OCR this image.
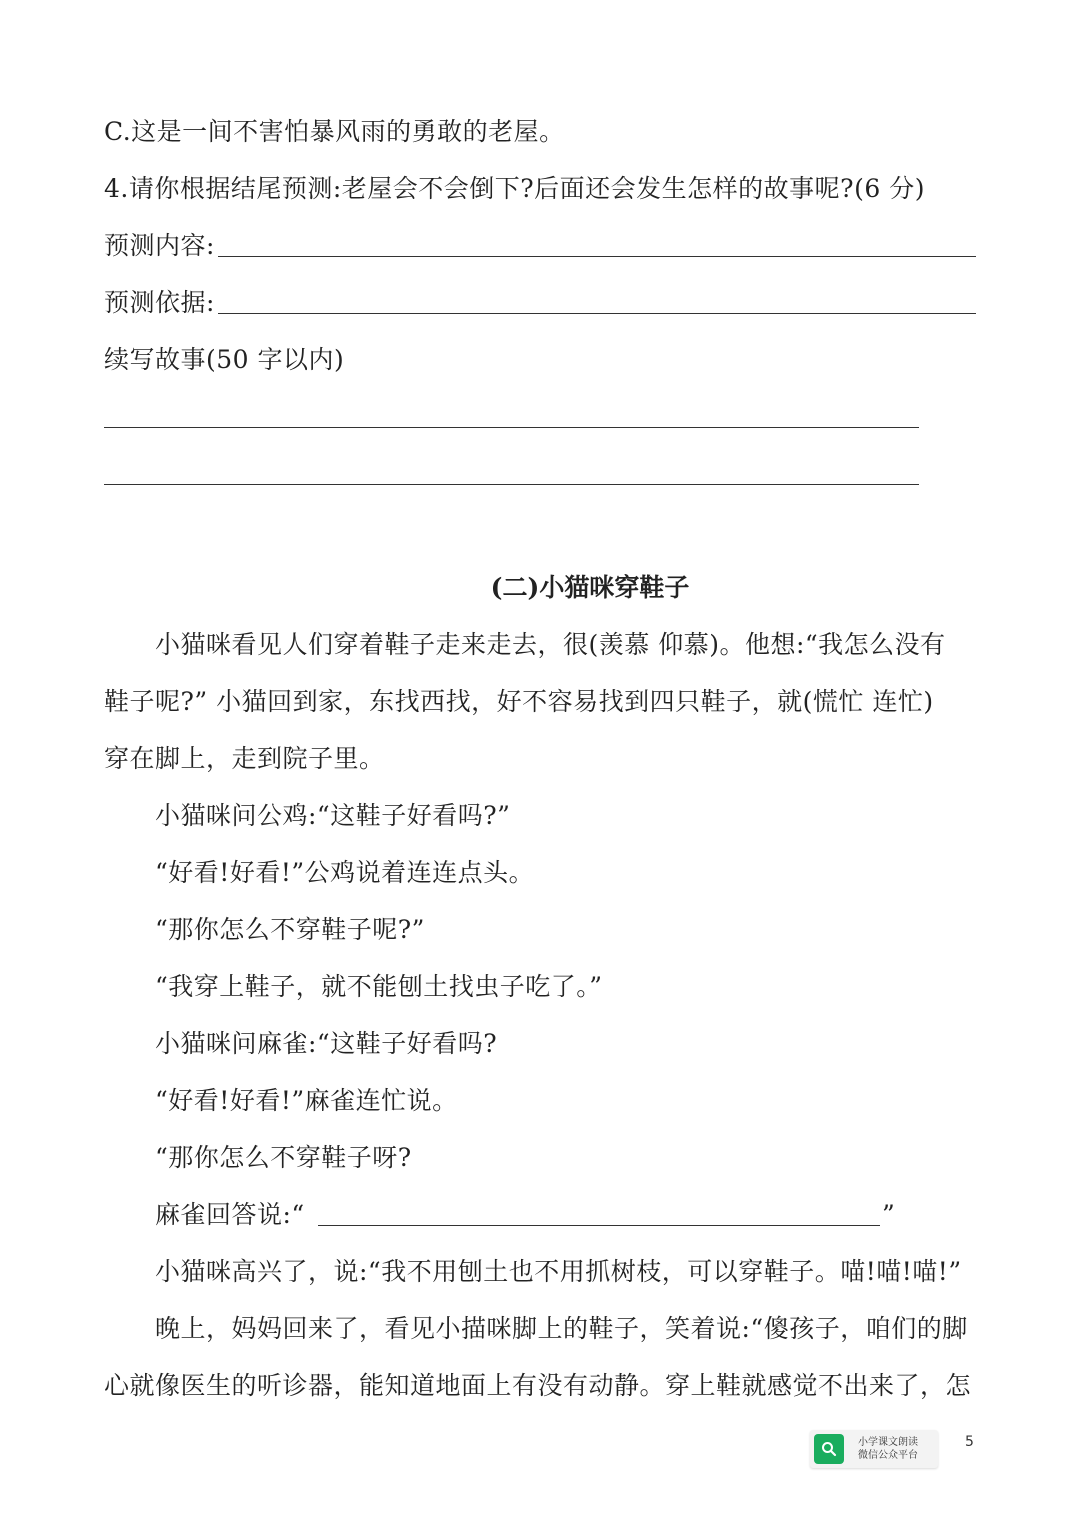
C.这是一间不害怕暴风雨的勇敢的老屋。
4.请你根据结尾预测:老屋会不会倒下?后面还会发生怎样的故事呢?(6 分)
预测内容:
预测依据:
续写故事(50 字以内)
(二)小猫咪穿鞋子
小猫咪看见人们穿着鞋子走来走去，很(羡慕 仰慕)。他想:“我怎么没有
鞋子呢?” 小猫回到家，东找西找，好不容易找到四只鞋子，就(慌忙 连忙)
穿在脚上，走到院子里。
小猫咪问公鸡:“这鞋子好看吗?”
“好看!好看!”公鸡说着连连点头。
“那你怎么不穿鞋子呢?”
“我穿上鞋子，就不能刨土找虫子吃了。”
小猫咪问麻雀:“这鞋子好看吗?
“好看!好看!”麻雀连忙说。
“那你怎么不穿鞋子呀?
麻雀回答说:“	”
小猫咪高兴了，说:“我不用刨土也不用抓树枝，可以穿鞋子。喵!喵!喵!”
晚上，妈妈回来了，看见小描咪脚上的鞋子，笑着说:“傻孩子，咱们的脚
心就像医生的听诊器，能知道地面上有没有动静。穿上鞋就感觉不出来了，怎
小学课文朗读
微信公众平台
5
